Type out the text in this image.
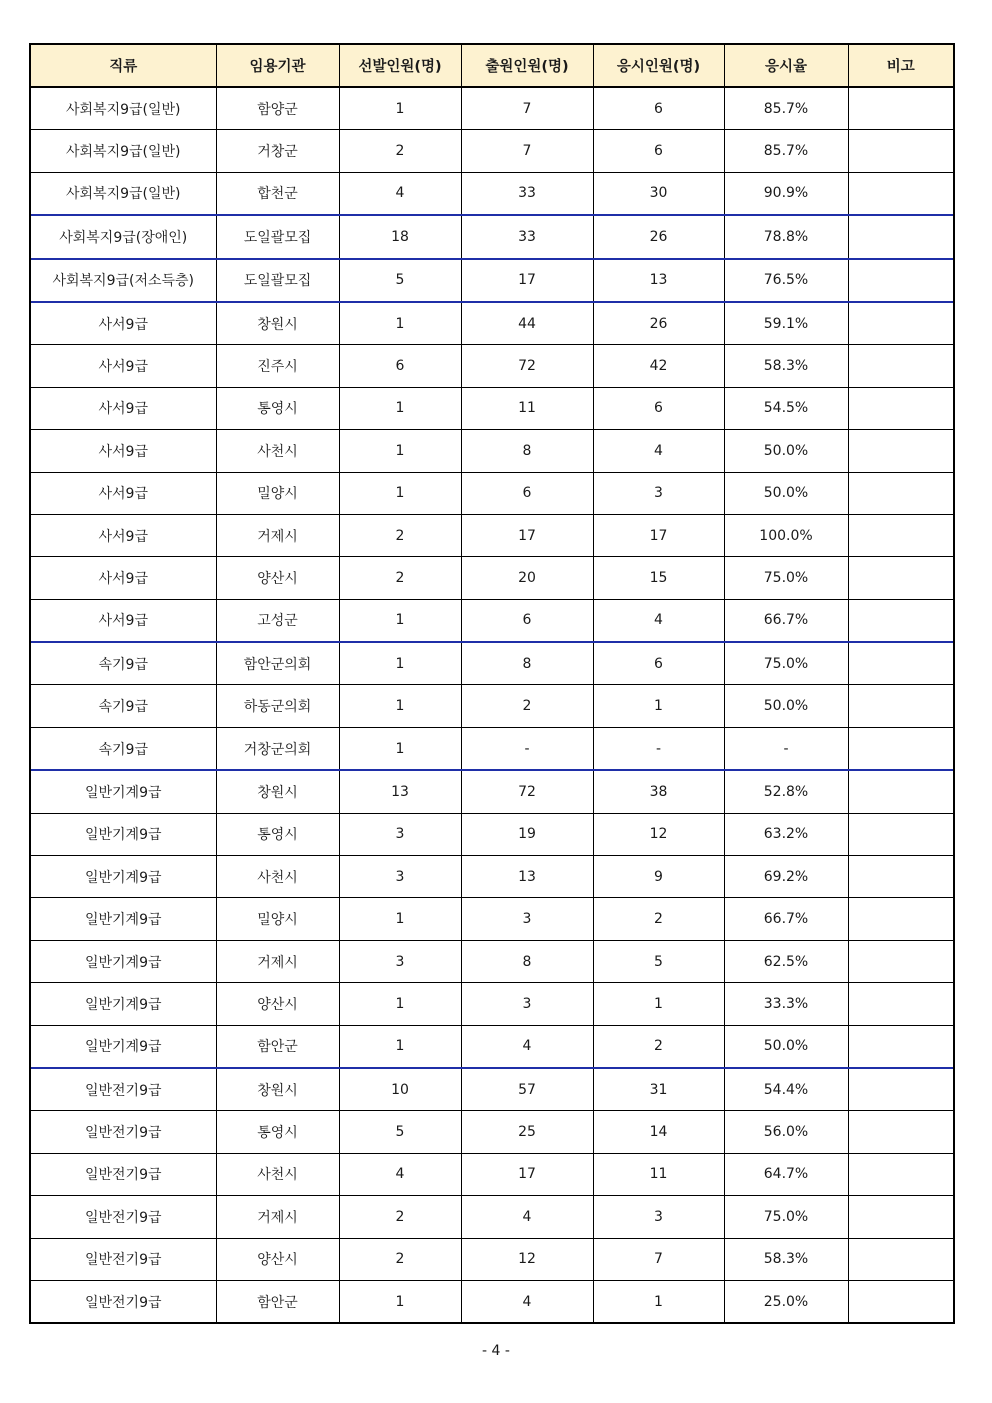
직류	임용기관	선발인원(명)	출원인원(명)	응시인원(명)	응시율	비고
사회복지9급(일반)	함양군	1	7	6	85.7%	
사회복지9급(일반)	거창군	2	7	6	85.7%	
사회복지9급(일반)	합천군	4	33	30	90.9%	
사회복지9급(장애인)	도일괄모집	18	33	26	78.8%	
사회복지9급(저소득층)	도일괄모집	5	17	13	76.5%	
사서9급	창원시	1	44	26	59.1%	
사서9급	진주시	6	72	42	58.3%	
사서9급	통영시	1	11	6	54.5%	
사서9급	사천시	1	8	4	50.0%	
사서9급	밀양시	1	6	3	50.0%	
사서9급	거제시	2	17	17	100.0%	
사서9급	양산시	2	20	15	75.0%	
사서9급	고성군	1	6	4	66.7%	
속기9급	함안군의회	1	8	6	75.0%	
속기9급	하동군의회	1	2	1	50.0%	
속기9급	거창군의회	1	-	-	-	
일반기계9급	창원시	13	72	38	52.8%	
일반기계9급	통영시	3	19	12	63.2%	
일반기계9급	사천시	3	13	9	69.2%	
일반기계9급	밀양시	1	3	2	66.7%	
일반기계9급	거제시	3	8	5	62.5%	
일반기계9급	양산시	1	3	1	33.3%	
일반기계9급	함안군	1	4	2	50.0%	
일반전기9급	창원시	10	57	31	54.4%	
일반전기9급	통영시	5	25	14	56.0%	
일반전기9급	사천시	4	17	11	64.7%	
일반전기9급	거제시	2	4	3	75.0%	
일반전기9급	양산시	2	12	7	58.3%	
일반전기9급	함안군	1	4	1	25.0%	
- 4 -
